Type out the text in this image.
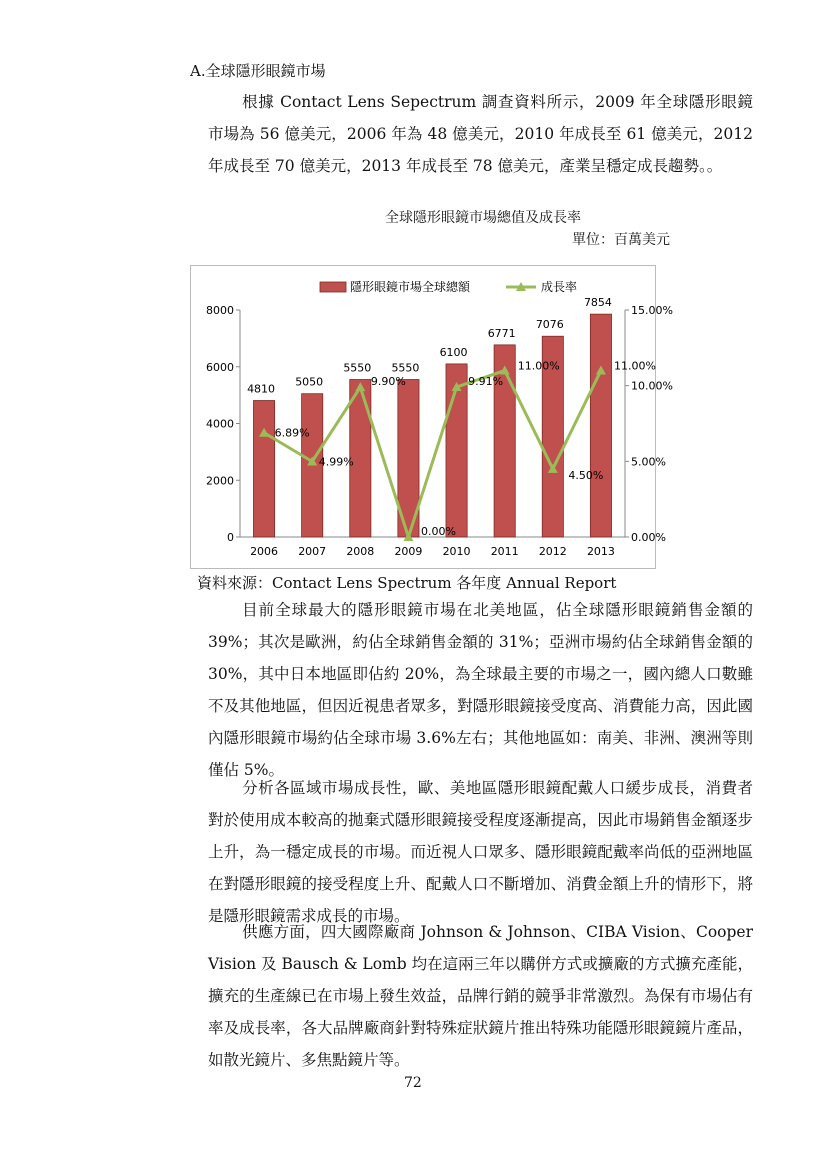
A.全球隱形眼鏡市場

根據 Contact Lens Sepectrum 調查資料所示，2009 年全球隱形眼鏡市場為 56 億美元，2006 年為 48 億美元，2010 年成長至 61 億美元，2012 年成長至 70 億美元，2013 年成長至 78 億美元，產業呈穩定成長趨勢。。

全球隱形眼鏡市場總值及成長率
單位：百萬美元
0
2000
4000
6000
8000
0.00%
5.00%
10.00%
15.00%
2006 2007 2008 2009 2010 2011 2012 2013
4810
5050
5550 5550
6100
6771
7076
7854
6.89%
4.99%
9.90%
0.00%
9.91%
11.00%
4.50%
11.00%
隱形眼鏡市場全球總額	成長率
資料來源：Contact Lens Spectrum 各年度 Annual Report

目前全球最大的隱形眼鏡市場在北美地區，佔全球隱形眼鏡銷售金額的 39%；其次是歐洲，約佔全球銷售金額的 31%；亞洲市場約佔全球銷售金額的 30%，其中日本地區即佔約 20%，為全球最主要的市場之一，國內總人口數雖不及其他地區，但因近視患者眾多，對隱形眼鏡接受度高、消費能力高，因此國內隱形眼鏡市場約佔全球市場 3.6%左右；其他地區如：南美、非洲、澳洲等則僅佔 5%。

分析各區域市場成長性，歐、美地區隱形眼鏡配戴人口緩步成長，消費者對於使用成本較高的拋棄式隱形眼鏡接受程度逐漸提高，因此市場銷售金額逐步上升，為一穩定成長的市場。而近視人口眾多、隱形眼鏡配戴率尚低的亞洲地區在對隱形眼鏡的接受程度上升、配戴人口不斷增加、消費金額上升的情形下，將是隱形眼鏡需求成長的市場。

供應方面，四大國際廠商 Johnson & Johnson、CIBA Vision、Cooper Vision 及 Bausch & Lomb 均在這兩三年以購併方式或擴廠的方式擴充產能，擴充的生產線已在市場上發生效益，品牌行銷的競爭非常激烈。為保有市場佔有率及成長率，各大品牌廠商針對特殊症狀鏡片推出特殊功能隱形眼鏡鏡片產品，如散光鏡片、多焦點鏡片等。

72
